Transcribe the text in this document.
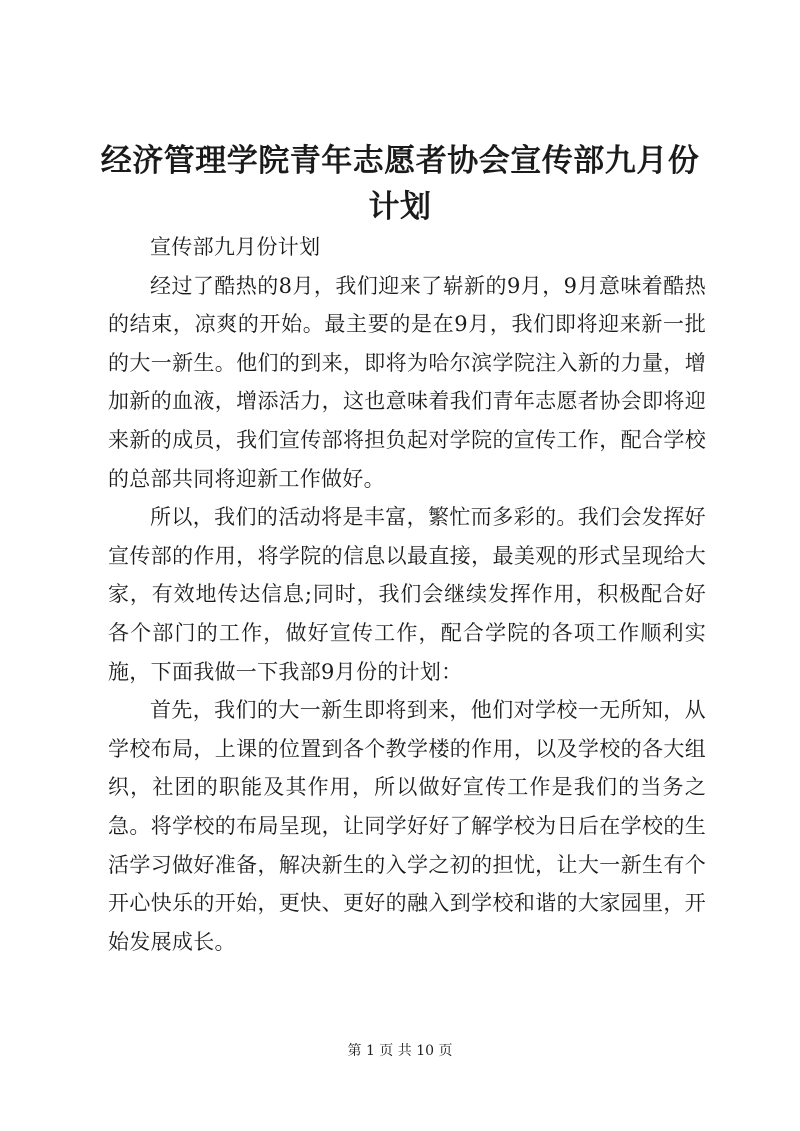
经济管理学院青年志愿者协会宣传部九月份计划

宣传部九月份计划

经过了酷热的8月，我们迎来了崭新的9月，9月意味着酷热的结束，凉爽的开始。最主要的是在9月，我们即将迎来新一批的大一新生。他们的到来，即将为哈尔滨学院注入新的力量，增加新的血液，增添活力，这也意味着我们青年志愿者协会即将迎来新的成员，我们宣传部将担负起对学院的宣传工作，配合学校的总部共同将迎新工作做好。

所以，我们的活动将是丰富，繁忙而多彩的。我们会发挥好宣传部的作用，将学院的信息以最直接，最美观的形式呈现给大家，有效地传达信息;同时，我们会继续发挥作用，积极配合好各个部门的工作，做好宣传工作，配合学院的各项工作顺利实施，下面我做一下我部9月份的计划：

首先，我们的大一新生即将到来，他们对学校一无所知，从学校布局，上课的位置到各个教学楼的作用，以及学校的各大组织，社团的职能及其作用，所以做好宣传工作是我们的当务之急。将学校的布局呈现，让同学好好了解学校为日后在学校的生活学习做好准备，解决新生的入学之初的担忧，让大一新生有个开心快乐的开始，更快、更好的融入到学校和谐的大家园里，开始发展成长。

第 1 页 共 10 页
